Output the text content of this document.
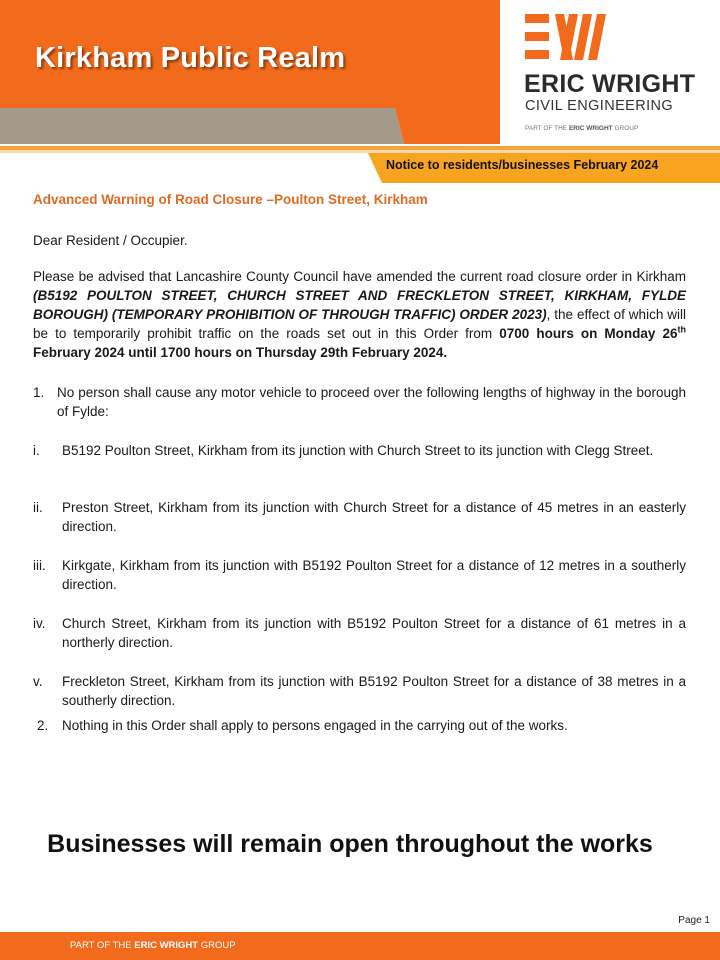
Kirkham Public Realm
ERIC WRIGHT
CIVIL ENGINEERING
PART OF THE ERIC WRIGHT GROUP
Notice to residents/businesses February 2024
Advanced Warning of Road Closure –Poulton Street, Kirkham
Dear Resident / Occupier.
Please be advised that Lancashire County Council have amended the current road closure order in Kirkham (B5192 POULTON STREET, CHURCH STREET AND FRECKLETON STREET, KIRKHAM, FYLDE BOROUGH) (TEMPORARY PROHIBITION OF THROUGH TRAFFIC) ORDER 2023), the effect of which will be to temporarily prohibit traffic on the roads set out in this Order from 0700 hours on Monday 26th February 2024 until 1700 hours on Thursday 29th February 2024.
1. No person shall cause any motor vehicle to proceed over the following lengths of highway in the borough of Fylde:
i. B5192 Poulton Street, Kirkham from its junction with Church Street to its junction with Clegg Street.
ii. Preston Street, Kirkham from its junction with Church Street for a distance of 45 metres in an easterly direction.
iii. Kirkgate, Kirkham from its junction with B5192 Poulton Street for a distance of 12 metres in a southerly direction.
iv. Church Street, Kirkham from its junction with B5192 Poulton Street for a distance of 61 metres in a northerly direction.
v. Freckleton Street, Kirkham from its junction with B5192 Poulton Street for a distance of 38 metres in a southerly direction.
2. Nothing in this Order shall apply to persons engaged in the carrying out of the works.
Businesses will remain open throughout the works
Page 1
PART OF THE ERIC WRIGHT GROUP
